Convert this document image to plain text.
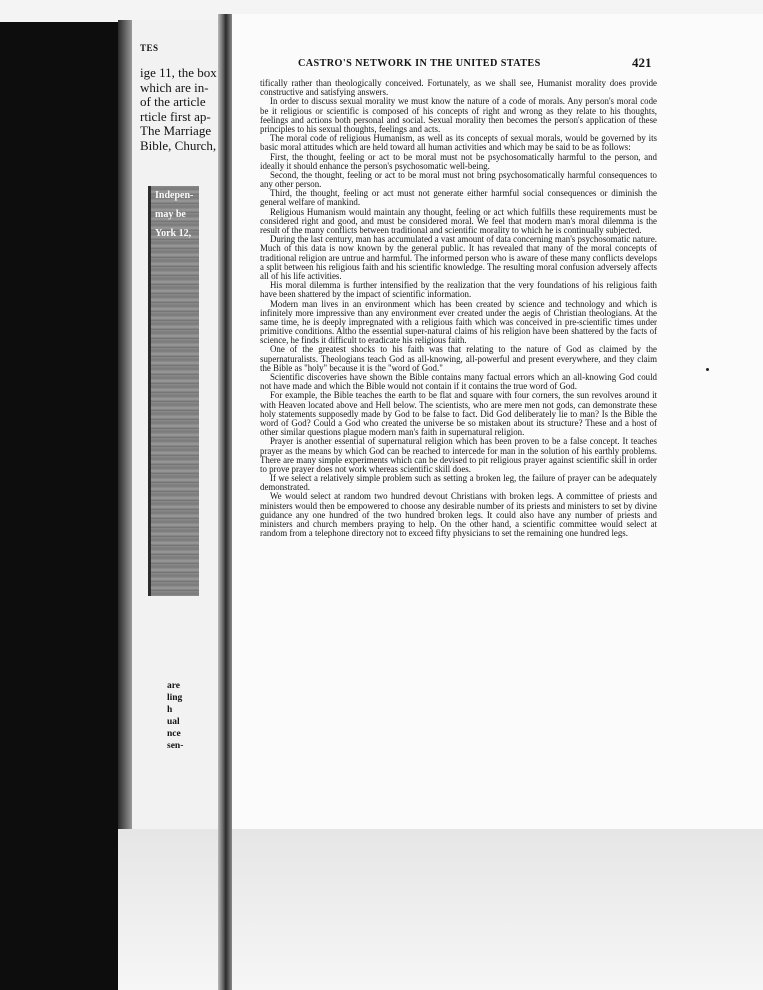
TES
ige 11, the box
which are in-
of the article
rticle first ap-
The Marriage
Bible, Church,
Indepen-
may be
York 12,
are
ling
h
ual
nce
sen-
CASTRO'S NETWORK IN THE UNITED STATES	421

tifically rather than theologically conceived. Fortunately, as we shall see, Humanist morality does provide constructive and satisfying answers.

In order to discuss sexual morality we must know the nature of a code of morals. Any person's moral code be it religious or scientific is composed of his concepts of right and wrong as they relate to his thoughts, feelings and actions both personal and social. Sexual morality then becomes the person's application of these principles to his sexual thoughts, feelings and acts.

The moral code of religious Humanism, as well as its concepts of sexual morals, would be governed by its basic moral attitudes which are held toward all human activities and which may be said to be as follows:

First, the thought, feeling or act to be moral must not be psychosomatically harmful to the person, and ideally it should enhance the person's psychosomatic well-being.

Second, the thought, feeling or act to be moral must not bring psychosomatically harmful consequences to any other person.

Third, the thought, feeling or act must not generate either harmful social consequences or diminish the general welfare of mankind.

Religious Humanism would maintain any thought, feeling or act which fulfills these requirements must be considered right and good, and must be considered moral. We feel that modern man's moral dilemma is the result of the many conflicts between traditional and scientific morality to which he is continually subjected.

During the last century, man has accumulated a vast amount of data concerning man's psychosomatic nature. Much of this data is now known by the general public. It has revealed that many of the moral concepts of traditional religion are untrue and harmful. The informed person who is aware of these many conflicts develops a split between his religious faith and his scientific knowledge. The resulting moral confusion adversely affects all of his life activities.

His moral dilemma is further intensified by the realization that the very foundations of his religious faith have been shattered by the impact of scientific information.

Modern man lives in an environment which has been created by science and technology and which is infinitely more impressive than any environment ever created under the aegis of Christian theologians. At the same time, he is deeply impregnated with a religious faith which was conceived in pre-scientific times under primitive conditions. Altho the essential super-natural claims of his religion have been shattered by the facts of science, he finds it difficult to eradicate his religious faith.

One of the greatest shocks to his faith was that relating to the nature of God as claimed by the supernaturalists. Theologians teach God as all-knowing, all-powerful and present everywhere, and they claim the Bible as "holy" because it is the "word of God."

Scientific discoveries have shown the Bible contains many factual errors which an all-knowing God could not have made and which the Bible would not contain if it contains the true word of God.

For example, the Bible teaches the earth to be flat and square with four corners, the sun revolves around it with Heaven located above and Hell below. The scientists, who are mere men not gods, can demonstrate these holy statements supposedly made by God to be false to fact. Did God deliberately lie to man? Is the Bible the word of God? Could a God who created the universe be so mistaken about its structure? These and a host of other similar questions plague modern man's faith in supernatural religion.

Prayer is another essential of supernatural religion which has been proven to be a false concept. It teaches prayer as the means by which God can be reached to intercede for man in the solution of his earthly problems. There are many simple experiments which can be devised to pit religious prayer against scientific skill in order to prove prayer does not work whereas scientific skill does.

If we select a relatively simple problem such as setting a broken leg, the failure of prayer can be adequately demonstrated.

We would select at random two hundred devout Christians with broken legs. A committee of priests and ministers would then be empowered to choose any desirable number of its priests and ministers to set by divine guidance any one hundred of the two hundred broken legs. It could also have any number of priests and ministers and church members praying to help. On the other hand, a scientific committee would select at random from a telephone directory not to exceed fifty physicians to set the remaining one hundred legs.
